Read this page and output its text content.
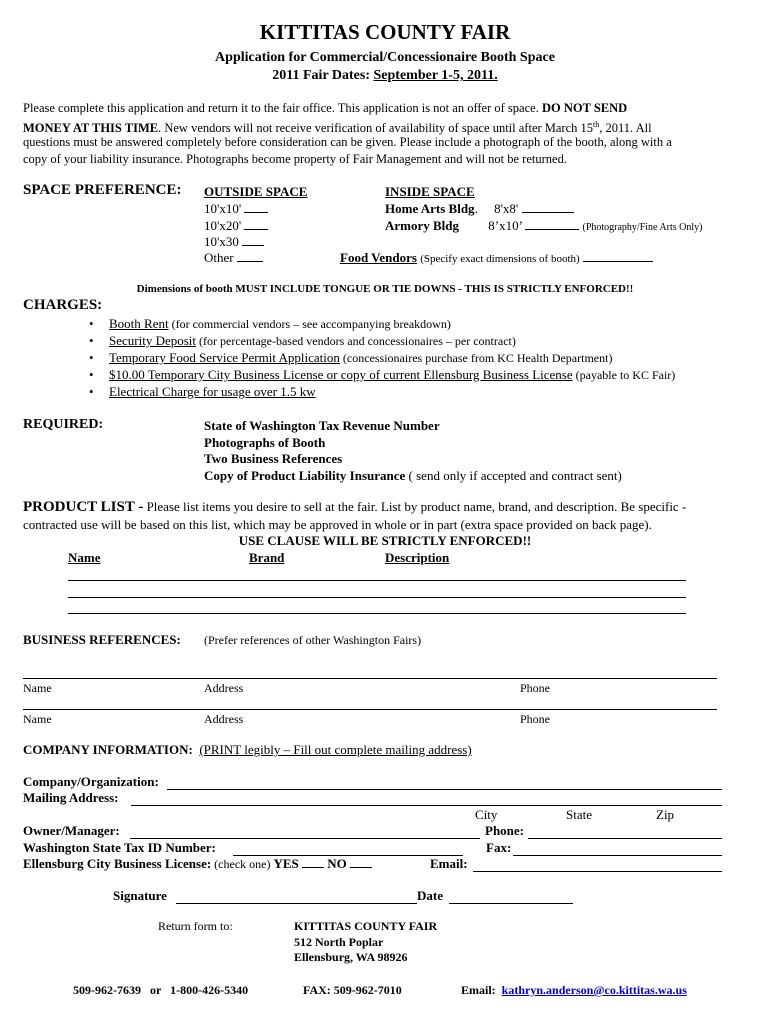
KITTITAS COUNTY FAIR
Application for Commercial/Concessionaire Booth Space
2011 Fair Dates: September 1-5, 2011.
Please complete this application and return it to the fair office. This application is not an offer of space. DO NOT SEND
MONEY AT THIS TIME. New vendors will not receive verification of availability of space until after March 15th, 2011. All
questions must be answered completely before consideration can be given. Please include a photograph of the booth, along with a
copy of your liability insurance. Photographs become property of Fair Management and will not be returned.
SPACE PREFERENCE: OUTSIDE SPACE
10'x10'
10'x20'
10'x30
Other
INSIDE SPACE
Home Arts Bldg.     8'x8'
Armory Bldg 8’x10’	(Photography/Fine Arts Only)
Food Vendors (Specify exact dimensions of booth)
Dimensions of booth MUST INCLUDE TONGUE OR TIE DOWNS - THIS IS STRICTLY ENFORCED!!
CHARGES:
• Booth Rent (for commercial vendors – see accompanying breakdown)
• Security Deposit (for percentage-based vendors and concessionaires – per contract)
• Temporary Food Service Permit Application (concessionaires purchase from KC Health Department)
• $10.00 Temporary City Business License or copy of current Ellensburg Business License (payable to KC Fair)
• Electrical Charge for usage over 1.5 kw
REQUIRED:	State of Washington Tax Revenue Number
Photographs of Booth
Two Business References
Copy of Product Liability Insurance ( send only if accepted and contract sent)
PRODUCT LIST - Please list items you desire to sell at the fair. List by product name, brand, and description. Be specific -
contracted use will be based on this list, which may be approved in whole or in part (extra space provided on back page).
USE CLAUSE WILL BE STRICTLY ENFORCED!!
Name	Brand	Description
BUSINESS REFERENCES: (Prefer references of other Washington Fairs)
Name	Address	Phone
Name	Address	Phone
COMPANY INFORMATION: (PRINT legibly – Fill out complete mailing address)
Company/Organization:
Mailing Address:
City	State	Zip
Owner/Manager:	Phone:
Washington State Tax ID Number:	Fax:
Ellensburg City Business License: (check one) YES NO	Email:
Signature	Date
Return form to:	KITTITAS COUNTY FAIR
512 North Poplar
Ellensburg, WA 98926
509-962-7639   or   1-800-426-5340	FAX: 509-962-7010	Email: kathryn.anderson@co.kittitas.wa.us
